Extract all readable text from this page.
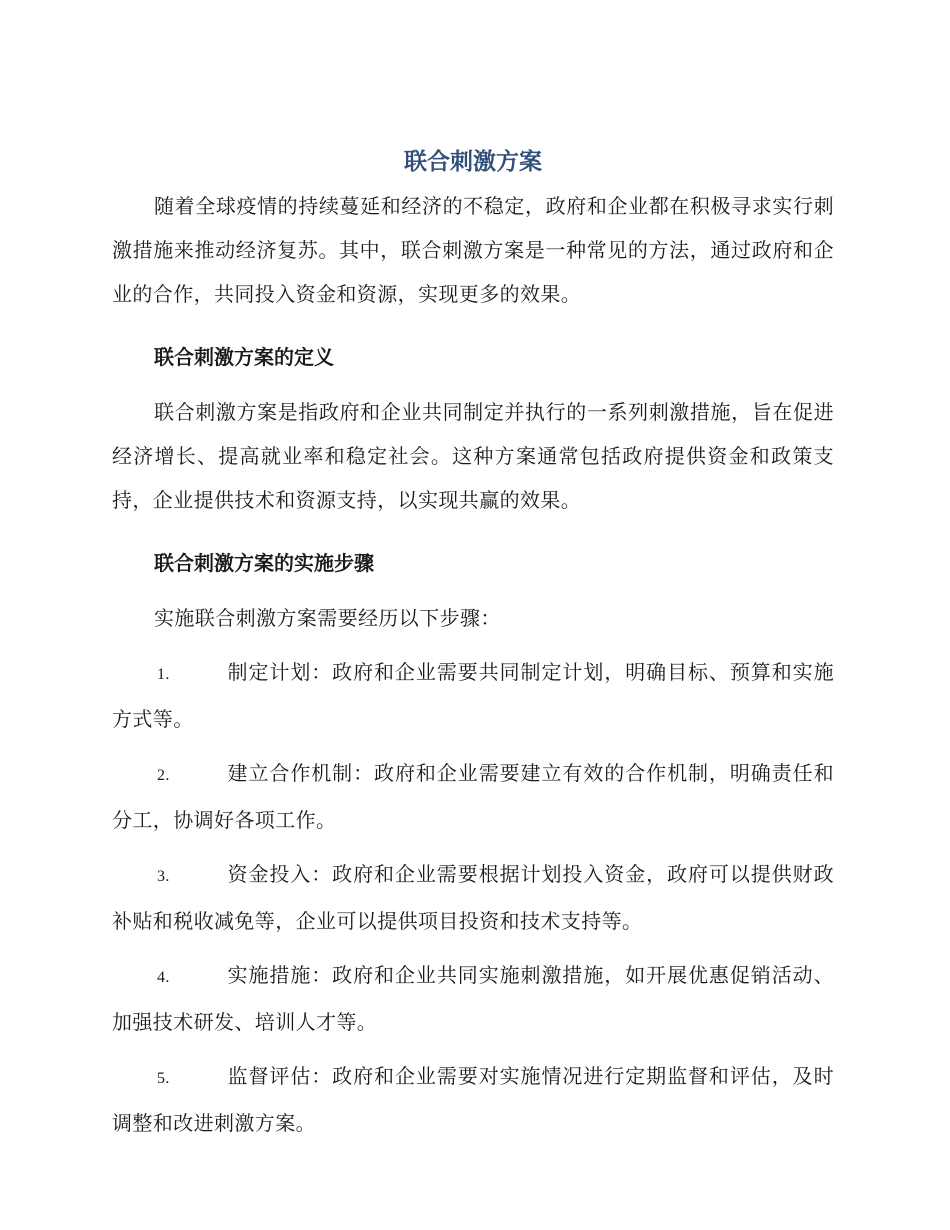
联合刺激方案

随着全球疫情的持续蔓延和经济的不稳定，政府和企业都在积极寻求实行刺激措施来推动经济复苏。其中，联合刺激方案是一种常见的方法，通过政府和企业的合作，共同投入资金和资源，实现更多的效果。

联合刺激方案的定义

联合刺激方案是指政府和企业共同制定并执行的一系列刺激措施，旨在促进经济增长、提高就业率和稳定社会。这种方案通常包括政府提供资金和政策支持，企业提供技术和资源支持，以实现共赢的效果。

联合刺激方案的实施步骤

实施联合刺激方案需要经历以下步骤：

1.	制定计划：政府和企业需要共同制定计划，明确目标、预算和实施方式等。
2.	建立合作机制：政府和企业需要建立有效的合作机制，明确责任和分工，协调好各项工作。
3.	资金投入：政府和企业需要根据计划投入资金，政府可以提供财政补贴和税收减免等，企业可以提供项目投资和技术支持等。
4.	实施措施：政府和企业共同实施刺激措施，如开展优惠促销活动、加强技术研发、培训人才等。
5.	监督评估：政府和企业需要对实施情况进行定期监督和评估，及时调整和改进刺激方案。
